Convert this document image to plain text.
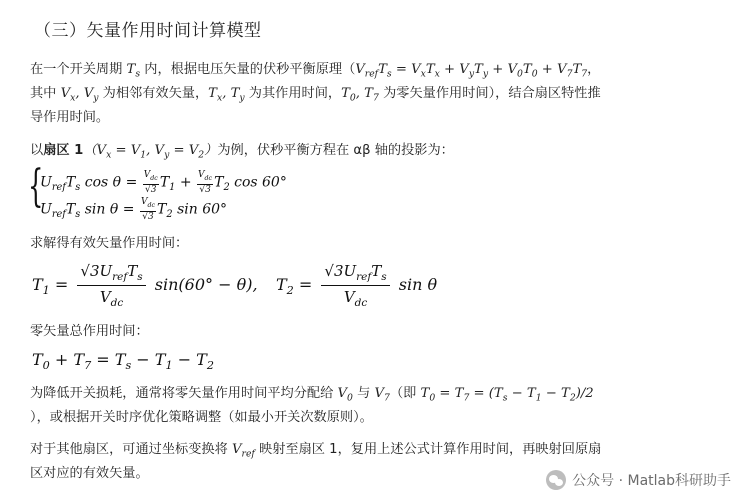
（三）矢量作用时间计算模型
在一个开关周期 $T_s$ 内，根据电压矢量的伏秒平衡原理（$V_{ref}T_s = V_xT_x + V_yT_y + V_0T_0 + V_7T_7$，
其中 $V_x$, $V_y$ 为相邻有效矢量，$T_x$, $T_y$ 为其作用时间，$T_0$, $T_7$ 为零矢量作用时间），结合扇区特性推
导作用时间。
以扇区 $1(V_x = V_1$, $V_y = V_2$）为例，伏秒平衡方程在 αβ 轴的投影为：
{
$U_{ref}T_s$ $\cos \theta = \frac{V_{dc}}{√3} T_1 + \frac{V_{dc}}{√3} T_2$ cos 60°
$U_{ref}T_s$ $\sin \theta = \frac{V_{dc}}{√3} T_2$ sin 60°
求解得有效矢量作用时间：
$T_1 = \frac{√3U_{ref}T_s}{V_{dc}} \sin(60^\circ - \theta)$, $T_2 = \frac{√3U_{ref}T_s}{V_{dc}}$ sin θ
零矢量总作用时间：
$T_0 + T_7 = T_s - T_1 - T_2$
为降低开关损耗，通常将零矢量作用时间平均分配给 $V_0$ 与 $V_7$（即 $T_0 = T_7 = (T_s - T_1 - T_2)/2$
），或根据开关时序优化策略调整（如最小开关次数原则）。
对于其他扇区，可通过坐标变换将 $V_{ref}$ 映射至扇区 1，复用上述公式计算作用时间，再映射回原扇
区对应的有效矢量。	公众号 · Matlab科研助手
